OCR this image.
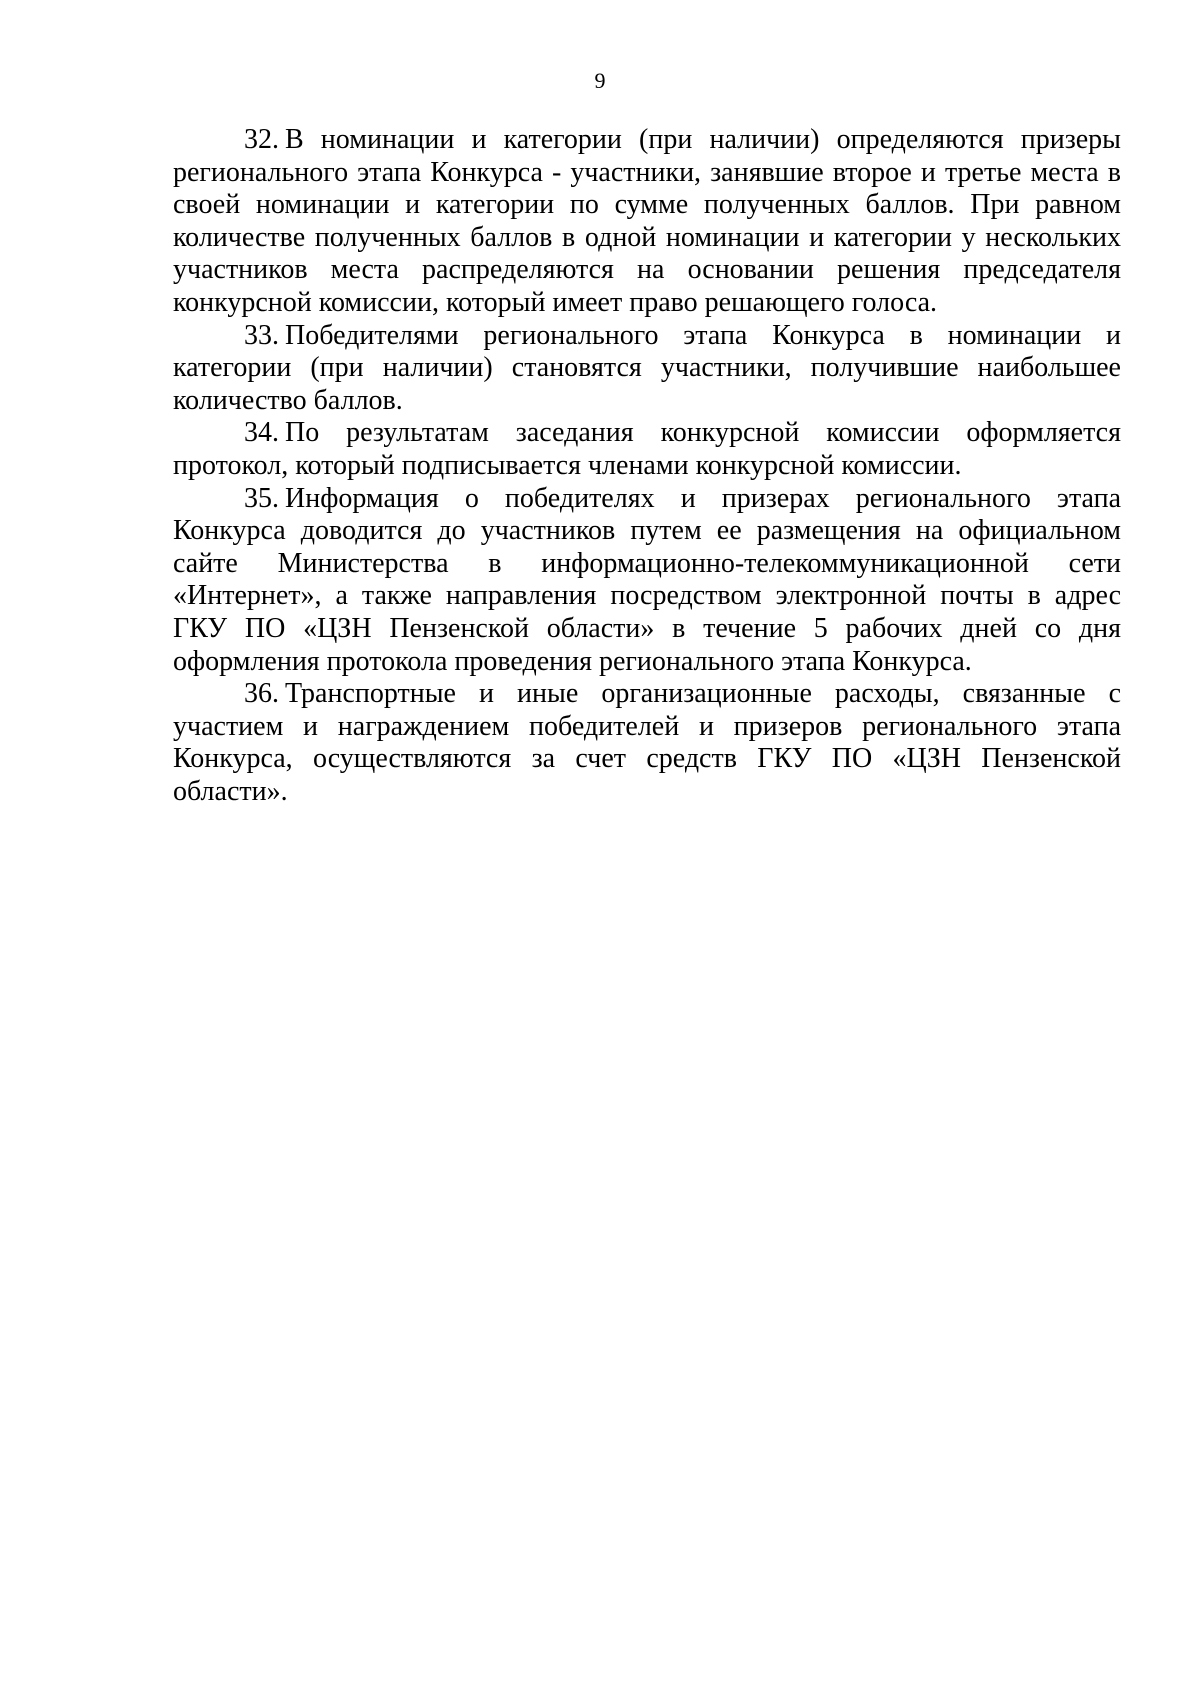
9

32. В номинации и категории (при наличии) определяются призеры регионального этапа Конкурса - участники, занявшие второе и третье места в своей номинации и категории по сумме полученных баллов. При равном количестве полученных баллов в одной номинации и категории у нескольких участников места распределяются на основании решения председателя конкурсной комиссии, который имеет право решающего голоса.

33. Победителями регионального этапа Конкурса в номинации и категории (при наличии) становятся участники, получившие наибольшее количество баллов.

34. По результатам заседания конкурсной комиссии оформляется протокол, который подписывается членами конкурсной комиссии.

35. Информация о победителях и призерах регионального этапа Конкурса доводится до участников путем ее размещения на официальном сайте Министерства в информационно-телекоммуникационной сети «Интернет», а также направления посредством электронной почты в адрес ГКУ ПО «ЦЗН Пензенской области» в течение 5 рабочих дней со дня оформления протокола проведения регионального этапа Конкурса.

36. Транспортные и иные организационные расходы, связанные с участием и награждением победителей и призеров регионального этапа Конкурса, осуществляются за счет средств ГКУ ПО «ЦЗН Пензенской области».
